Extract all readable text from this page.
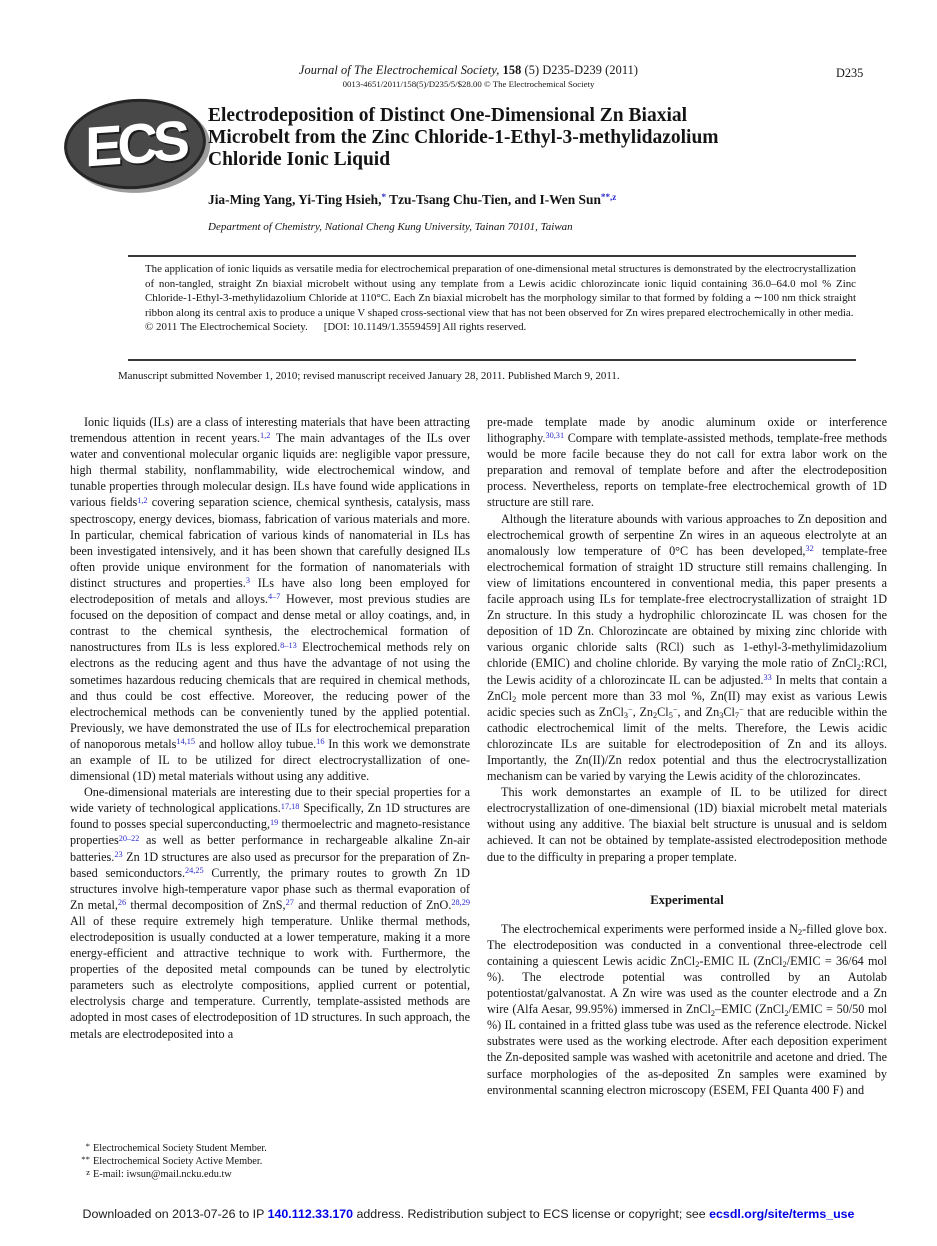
Journal of The Electrochemical Society, 158 (5) D235-D239 (2011)
0013-4651/2011/158(5)/D235/5/$28.00 © The Electrochemical Society
D235
ECS Electrodeposition of Distinct One-Dimensional Zn Biaxial
Microbelt from the Zinc Chloride-1-Ethyl-3-methylidazolium
Chloride Ionic Liquid
Jia-Ming Yang, Yi-Ting Hsieh,* Tzu-Tsang Chu-Tien, and I-Wen Sun$^{**,z}$
Department of Chemistry, National Cheng Kung University, Tainan 70101, Taiwan
The application of ionic liquids as versatile media for electrochemical preparation of one-dimensional metal structures is demonstrated by the electrocrystallization of non-tangled, straight Zn biaxial microbelt without using any template from a Lewis acidic chlorozincate ionic liquid containing 36.0–64.0 mol % Zinc Chloride-1-Ethyl-3-methylidazolium Chloride at 110°C. Each Zn biaxial microbelt has the morphology similar to that formed by folding a ∼100 nm thick straight ribbon along its central axis to produce a unique V shaped cross-sectional view that has not been observed for Zn wires prepared electrochemically in other media.
© 2011 The Electrochemical Society. [DOI: 10.1149/1.3559459] All rights reserved.
Manuscript submitted November 1, 2010; revised manuscript received January 28, 2011. Published March 9, 2011.

Ionic liquids (ILs) are a class of interesting materials that have been attracting tremendous attention in recent years.$^{1,2}$ The main advantages of the ILs over water and conventional molecular organic liquids are: negligible vapor pressure, high thermal stability, nonflammability, wide electrochemical window, and tunable properties through molecular design. ILs have found wide applications in various fields$^{1,2}$ covering separation science, chemical synthesis, catalysis, mass spectroscopy, energy devices, biomass, fabrication of various materials and more. In particular, chemical fabrication of various kinds of nanomaterial in ILs has been investigated intensively, and it has been shown that carefully designed ILs often provide unique environment for the formation of nanomaterials with distinct structures and properties.$^3$ ILs have also long been employed for electrodeposition of metals and alloys.$^{4-7}$ However, most previous studies are focused on the deposition of compact and dense metal or alloy coatings, and, in contrast to the chemical synthesis, the electrochemical formation of nanostructures from ILs is less explored.$^{8-13}$ Electrochemical methods rely on electrons as the reducing agent and thus have the advantage of not using the sometimes hazardous reducing chemicals that are required in chemical methods, and thus could be cost effective. Moreover, the reducing power of the electrochemical methods can be conveniently tuned by the applied potential. Previously, we have demonstrated the use of ILs for electrochemical preparation of nanoporous metals$^{14,15}$ and hollow alloy tubue.$^{16}$ In this work we demonstrate an example of IL to be utilized for direct electrocrystallization of one-dimensional (1D) metal materials without using any additive.

One-dimensional materials are interesting due to their special properties for a wide variety of technological applications.$^{17,18}$ Specifically, Zn 1D structures are found to posses special superconducting,$^{19}$ thermoelectric and magneto-resistance properties$^{20-22}$ as well as better performance in rechargeable alkaline Zn-air batteries.$^{23}$ Zn 1D structures are also used as precursor for the preparation of Zn-based semiconductors.$^{24,25}$ Currently, the primary routes to growth Zn 1D structures involve high-temperature vapor phase such as thermal evaporation of Zn metal,$^{26}$ thermal decomposition of ZnS,$^{27}$ and thermal reduction of ZnO.$^{28,29}$ All of these require extremely high temperature. Unlike thermal methods, electrodeposition is usually conducted at a lower temperature, making it a more energy-efficient and attractive technique to work with. Furthermore, the properties of the deposited metal compounds can be tuned by electrolytic parameters such as electrolyte compositions, applied current or potential, electrolysis charge and temperature. Currently, template-assisted methods are adopted in most cases of electrodeposition of 1D structures. In such approach, the metals are electrodeposited into a

pre-made template made by anodic aluminum oxide or interference lithography.$^{30,31}$ Compare with template-assisted methods, template-free methods would be more facile because they do not call for extra labor work on the preparation and removal of template before and after the electrodeposition process. Nevertheless, reports on template-free electrochemical growth of 1D structure are still rare.

Although the literature abounds with various approaches to Zn deposition and electrochemical growth of serpentine Zn wires in an aqueous electrolyte at an anomalously low temperature of 0°C has been developed,$^{32}$ template-free electrochemical formation of straight 1D structure still remains challenging. In view of limitations encountered in conventional media, this paper presents a facile approach using ILs for template-free electrocrystallization of straight 1D Zn structure. In this study a hydrophilic chlorozincate IL was chosen for the deposition of 1D Zn. Chlorozincate are obtained by mixing zinc chloride with various organic chloride salts (RCl) such as 1-ethyl-3-methylimidazolium chloride (EMIC) and choline chloride. By varying the mole ratio of ZnCl$_2$:RCl, the Lewis acidity of a chlorozincate IL can be adjusted.$^{33}$ In melts that contain a ZnCl$_2$ mole percent more than 33 mol %, Zn(II) may exist as various Lewis acidic species such as ZnCl$_3$−, $Zn_2Cl_5^-$, and $Zn_3Cl_7^-$ that are reducible within the cathodic electrochemical limit of the melts. Therefore, the Lewis acidic chlorozincate ILs are suitable for electrodeposition of Zn and its alloys. Importantly, the Zn(II)/Zn redox potential and thus the electrocrystallization mechanism can be varied by varying the Lewis acidity of the chlorozincates.

This work demonstartes an example of IL to be utilized for direct electrocrystallization of one-dimensional (1D) biaxial microbelt metal materials without using any additive. The biaxial belt structure is unusual and is seldom achieved. It can not be obtained by template-assisted electrodeposition methode due to the difficulty in preparing a proper template.

Experimental

The electrochemical experiments were performed inside a $N_2$-filled glove box. The electrodeposition was conducted in a conventional three-electrode cell containing a quiescent Lewis acidic ZnCl$_2$-EMIC IL (ZnCl$_2$/EMIC = 36/64 mol %). The electrode potential was controlled by an Autolab potentiostat/galvanostat. A Zn wire was used as the counter electrode and a Zn wire (Alfa Aesar, 99.95%) immersed in ZnCl$_2$–EMIC (ZnCl$_2$/EMIC = 50/50 mol %) IL contained in a fritted glass tube was used as the reference electrode. Nickel substrates were used as the working electrode. After each deposition experiment the Zn-deposited sample was washed with acetonitrile and acetone and dried. The surface morphologies of the as-deposited Zn samples were examined by environmental scanning electron microscopy (ESEM, FEI Quanta 400 F) and

* Electrochemical Society Student Member.
** Electrochemical Society Active Member.
z E-mail: iwsun@mail.ncku.edu.tw
Downloaded on 2013-07-26 to IP 140.112.33.170 address. Redistribution subject to ECS license or copyright; see ecsdl.org/site/terms_use
